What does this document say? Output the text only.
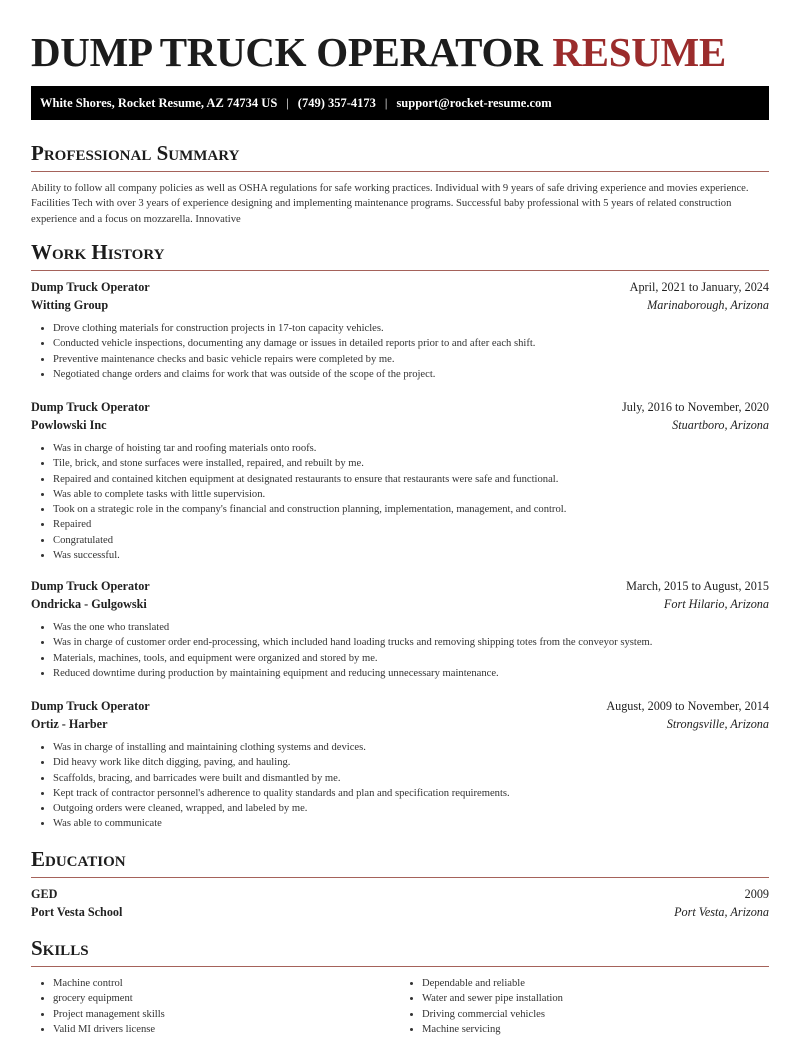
DUMP TRUCK OPERATOR RESUME
White Shores, Rocket Resume, AZ 74734 US | (749) 357-4173 | support@rocket-resume.com
Professional Summary

Ability to follow all company policies as well as OSHA regulations for safe working practices. Individual with 9 years of safe driving experience and movies experience. Facilities Tech with over 3 years of experience designing and implementing maintenance programs. Successful baby professional with 5 years of related construction experience and a focus on mozzarella. Innovative

Work History
Dump Truck Operator	April, 2021 to January, 2024
Witting Group	Marinaborough, Arizona
• Drove clothing materials for construction projects in 17-ton capacity vehicles.
• Conducted vehicle inspections, documenting any damage or issues in detailed reports prior to and after each shift.
• Preventive maintenance checks and basic vehicle repairs were completed by me.
• Negotiated change orders and claims for work that was outside of the scope of the project.
Dump Truck Operator	July, 2016 to November, 2020
Powlowski Inc	Stuartboro, Arizona
• Was in charge of hoisting tar and roofing materials onto roofs.
• Tile, brick, and stone surfaces were installed, repaired, and rebuilt by me.
• Repaired and contained kitchen equipment at designated restaurants to ensure that restaurants were safe and functional.
• Was able to complete tasks with little supervision.
• Took on a strategic role in the company's financial and construction planning, implementation, management, and control.
• Repaired
• Congratulated
• Was successful.
Dump Truck Operator	March, 2015 to August, 2015
Ondricka - Gulgowski	Fort Hilario, Arizona
• Was the one who translated
• Was in charge of customer order end-processing, which included hand loading trucks and removing shipping totes from the conveyor system.
• Materials, machines, tools, and equipment were organized and stored by me.
• Reduced downtime during production by maintaining equipment and reducing unnecessary maintenance.
Dump Truck Operator	August, 2009 to November, 2014
Ortiz - Harber	Strongsville, Arizona
• Was in charge of installing and maintaining clothing systems and devices.
• Did heavy work like ditch digging, paving, and hauling.
• Scaffolds, bracing, and barricades were built and dismantled by me.
• Kept track of contractor personnel's adherence to quality standards and plan and specification requirements.
• Outgoing orders were cleaned, wrapped, and labeled by me.
• Was able to communicate
Education
GED	2009
Port Vesta School	Port Vesta, Arizona
Skills
• Machine control
• grocery equipment
• Project management skills
• Valid MI drivers license
• Dependable and reliable
• Water and sewer pipe installation
• Driving commercial vehicles
• Machine servicing
